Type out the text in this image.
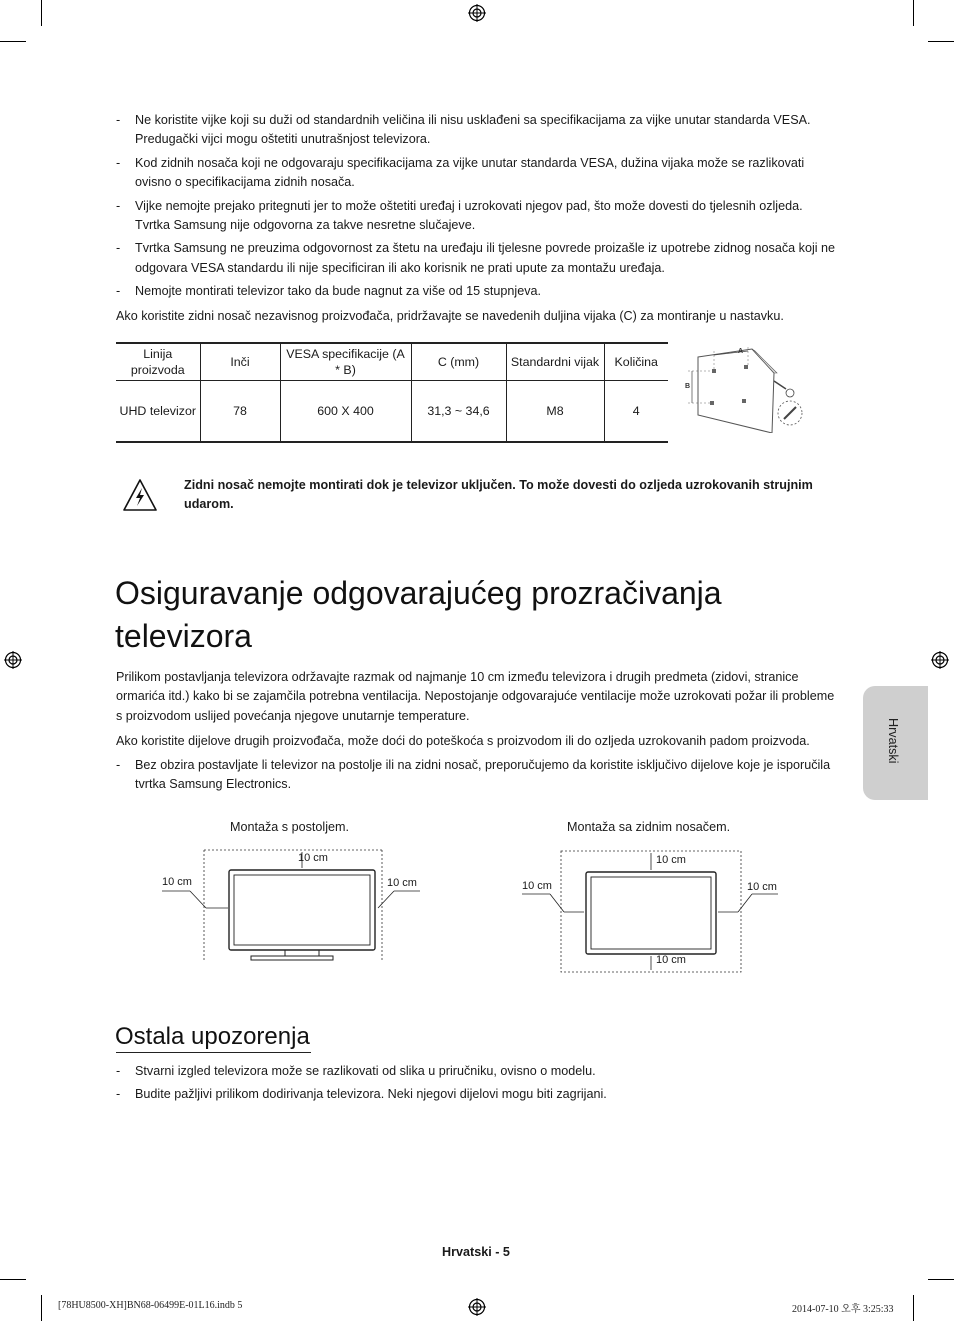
-	Ne koristite vijke koji su duži od standardnih veličina ili nisu usklađeni sa specifikacijama za vijke unutar standarda VESA. Predugački vijci mogu oštetiti unutrašnjost televizora.
-	Kod zidnih nosača koji ne odgovaraju specifikacijama za vijke unutar standarda VESA, dužina vijaka može se razlikovati ovisno o specifikacijama zidnih nosača.
-	Vijke nemojte prejako pritegnuti jer to može oštetiti uređaj i uzrokovati njegov pad, što može dovesti do tjelesnih ozljeda. Tvrtka Samsung nije odgovorna za takve nesretne slučajeve.
-	Tvrtka Samsung ne preuzima odgovornost za štetu na uređaju ili tjelesne povrede proizašle iz upotrebe zidnog nosača koji ne odgovara VESA standardu ili nije specificiran ili ako korisnik ne prati upute za montažu uređaja.
-	Nemojte montirati televizor tako da bude nagnut za više od 15 stupnjeva.
Ako koristite zidni nosač nezavisnog proizvođača, pridržavajte se navedenih duljina vijaka (C) za montiranje u nastavku.
Linija proizvoda	Inči	VESA specifikacije (A * B)	C (mm)	Standardni vijak	Količina
UHD televizor	78	600 X 400	31,3 ~ 34,6	M8	4
A
B
Zidni nosač nemojte montirati dok je televizor uključen. To može dovesti do ozljeda uzrokovanih strujnim udarom.
Osiguravanje odgovarajućeg prozračivanja televizora
Prilikom postavljanja televizora održavajte razmak od najmanje 10 cm između televizora i drugih predmeta (zidovi, stranice ormarića itd.) kako bi se zajamčila potrebna ventilacija. Nepostojanje odgovarajuće ventilacije može uzrokovati požar ili probleme s proizvodom uslijed povećanja njegove unutarnje temperature.
Ako koristite dijelove drugih proizvođača, može doći do poteškoća s proizvodom ili do ozljeda uzrokovanih padom proizvoda.
-	Bez obzira postavljate li televizor na postolje ili na zidni nosač, preporučujemo da koristite isključivo dijelove koje je isporučila tvrtka Samsung Electronics.
Hrvatski
Montaža s postoljem.
10 cm
10 cm	10 cm
Montaža sa zidnim nosačem.
10 cm
10 cm	10 cm
10 cm
Ostala upozorenja
-	Stvarni izgled televizora može se razlikovati od slika u priručniku, ovisno o modelu.
-	Budite pažljivi prilikom dodirivanja televizora. Neki njegovi dijelovi mogu biti zagrijani.
Hrvatski - 5
[78HU8500-XH]BN68-06499E-01L16.indb 5	2014-07-10 오후 3:25:33
